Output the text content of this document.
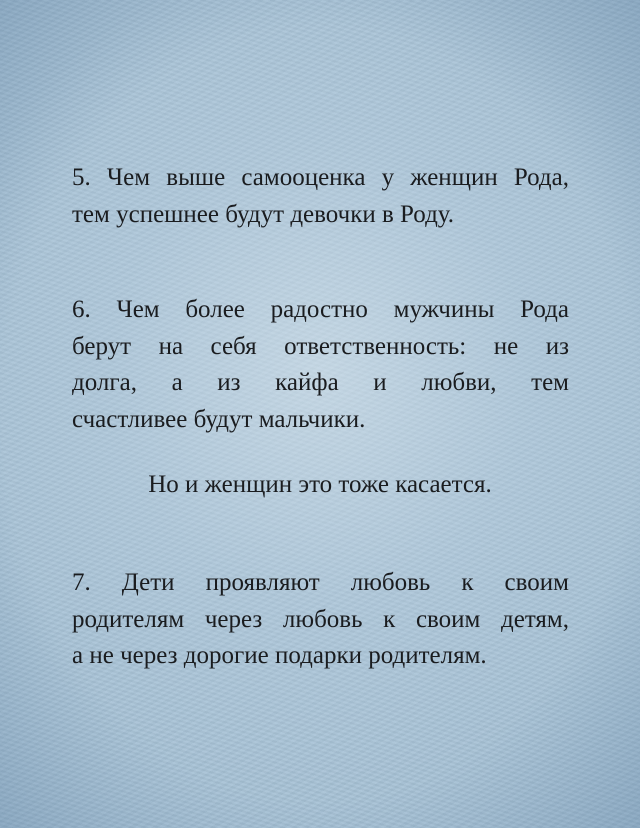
5. Чем выше самооценка у женщин Рода,
тем успешнее будут девочки в Роду.
6. Чем более радостно мужчины Рода
берут на себя ответственность: не из
долга, а из кайфа и любви, тем
счастливее будут мальчики.
Но и женщин это тоже касается.
7. Дети проявляют любовь к своим
родителям через любовь к своим детям,
а не через дорогие подарки родителям.
